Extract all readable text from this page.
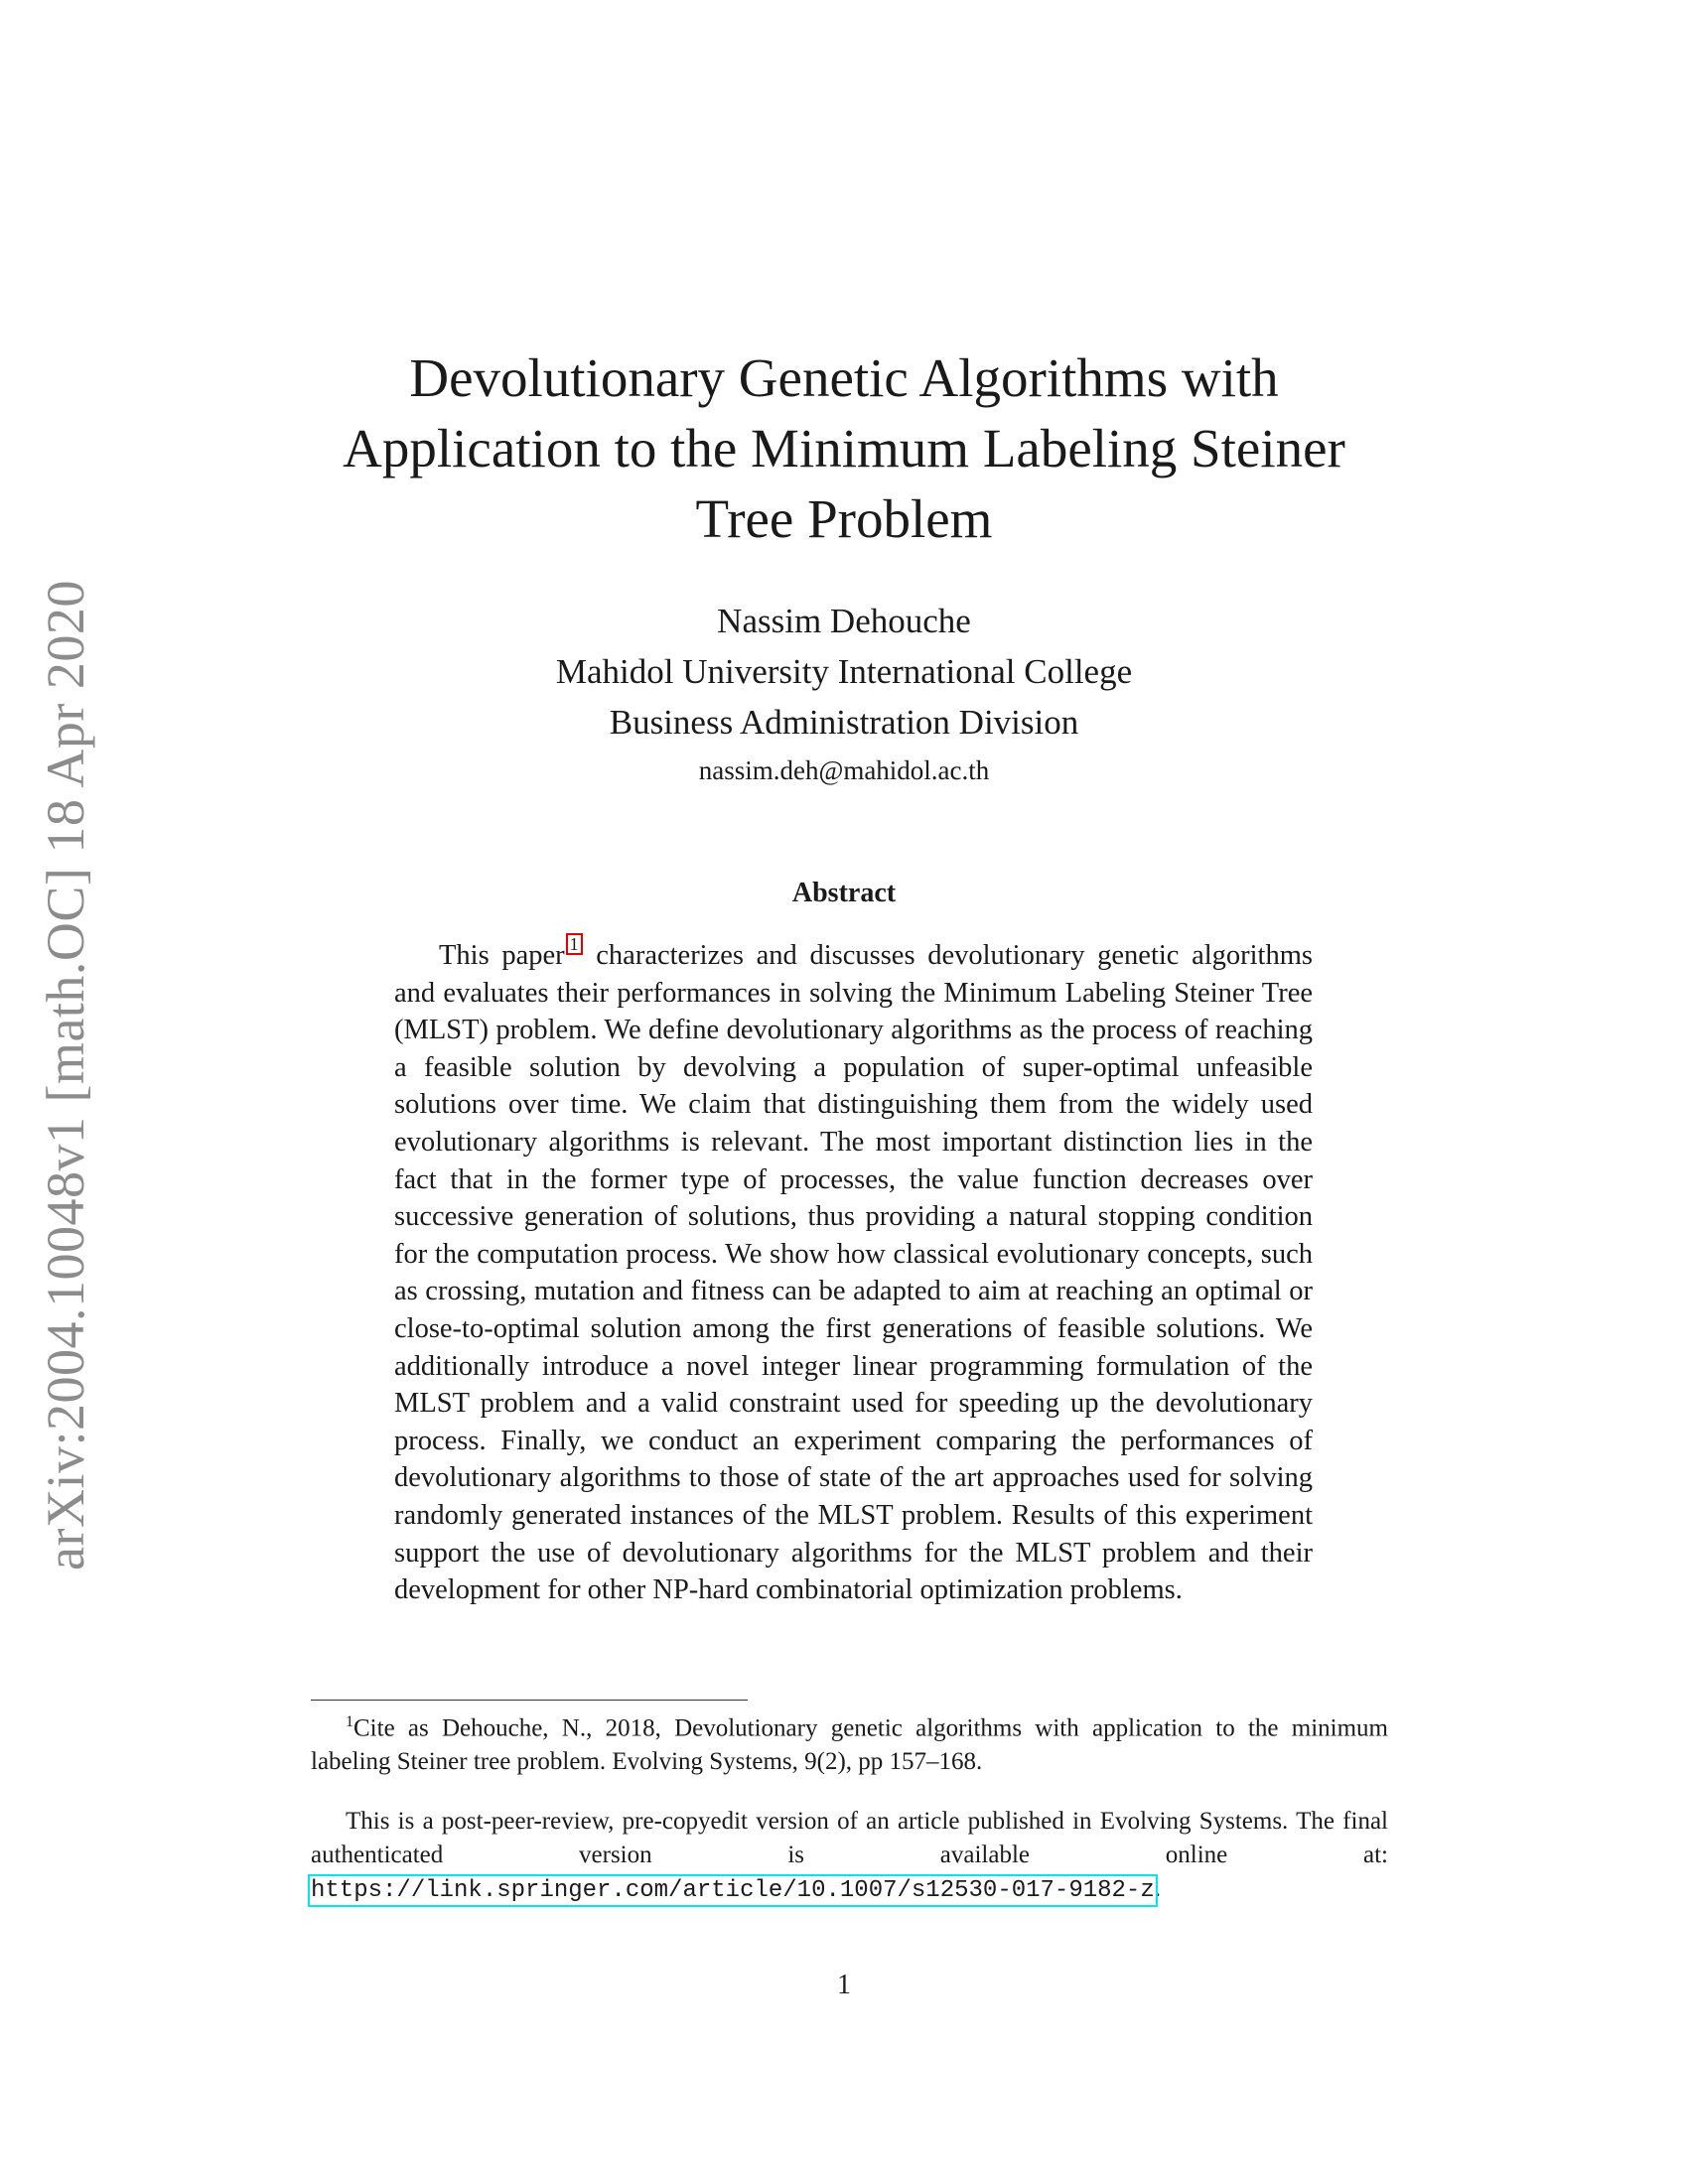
arXiv:2004.10048v1 [math.OC] 18 Apr 2020
Devolutionary Genetic Algorithms with
Application to the Minimum Labeling Steiner
Tree Problem
Nassim Dehouche
Mahidol University International College
Business Administration Division
nassim.deh@mahidol.ac.th
Abstract

This paper 1 characterizes and discusses devolutionary genetic algorithms and evaluates their performances in solving the Minimum Labeling Steiner Tree (MLST) problem. We define devolutionary algorithms as the process of reaching a feasible solution by devolving a population of super-optimal unfeasible solutions over time. We claim that distinguishing them from the widely used evolutionary algorithms is relevant. The most important distinction lies in the fact that in the former type of processes, the value function decreases over successive generation of solutions, thus providing a natural stopping condition for the computation process. We show how classical evolutionary concepts, such as crossing, mutation and fitness can be adapted to aim at reaching an optimal or close-to-optimal solution among the first generations of feasible solutions. We additionally introduce a novel integer linear programming formulation of the MLST problem and a valid constraint used for speeding up the devolutionary process. Finally, we conduct an experiment comparing the performances of devolutionary algorithms to those of state of the art approaches used for solving randomly generated instances of the MLST problem. Results of this experiment support the use of devolutionary algorithms for the MLST problem and their development for other NP-hard combinatorial optimization problems.

$^1$Cite as Dehouche, N., 2018, Devolutionary genetic algorithms with application to the minimum labeling Steiner tree problem. Evolving Systems, 9(2), pp 157–168.

This is a post-peer-review, pre-copyedit version of an article published in Evolving Systems. The final authenticated version is available online at: https://link.springer.com/article/10.1007/s12530-017-9182-z.

1
